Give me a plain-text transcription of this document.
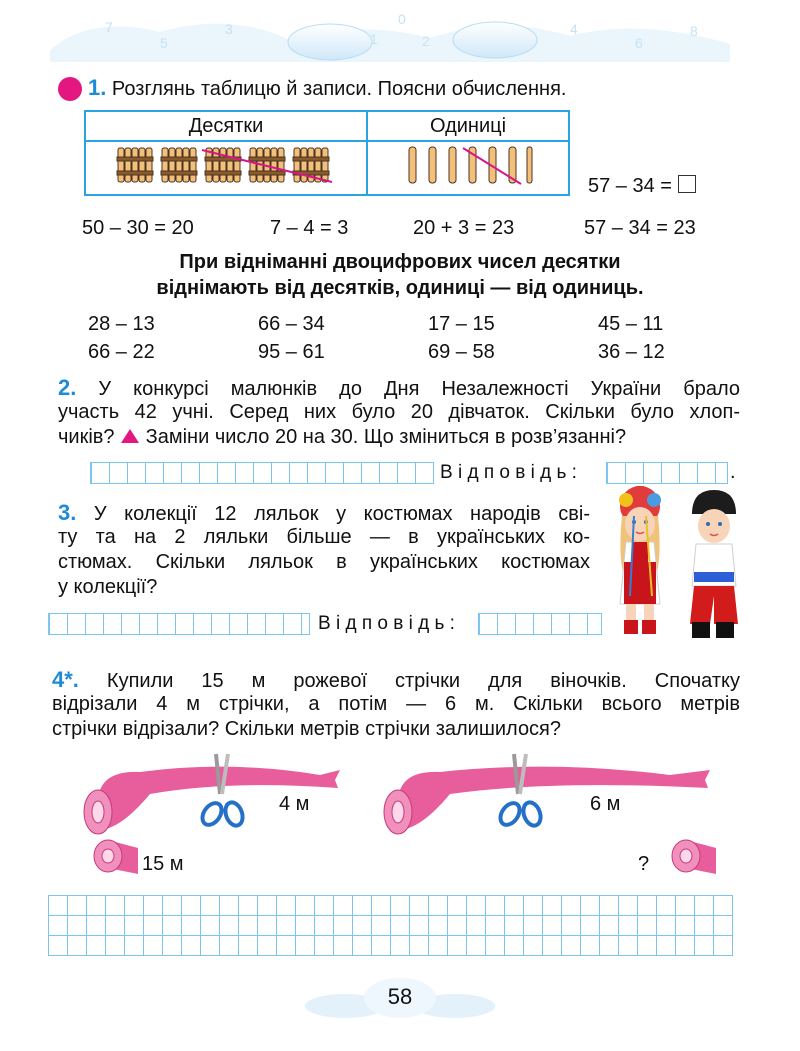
7
5
3
1
0
2
4
6
8
1. Розглянь таблицю й записи. Поясни обчислення.
Десятки	Одиниці

57 – 34 =
50 – 30 = 20	7 – 4 = 3	20 + 3 = 23	57 – 34 = 23
При відніманні двоцифрових чисел десятки
віднімають від десятків, одиниці — від одиниць.
28 – 13	66 – 34	17 – 15	45 – 11
66 – 22	95 – 61	69 – 58	36 – 12
2. У конкурсі малюнків до Дня Незалежності України брало
участь 42 учні. Серед них було 20 дівчаток. Скільки було хлоп-
чиків?  Заміни число 20 на 30. Що зміниться в розв’язанні?
В і д п о в і д ь :	.
3. У колекції 12 ляльок у костюмах народів сві-
ту та на 2 ляльки більше — в українських ко-
стюмах. Скільки ляльок в українських костюмах
у колекції?
В і д п о в і д ь :
4*. Купили 15 м рожевої стрічки для віночків. Спочатку
відрізали 4 м стрічки, а потім — 6 м. Скільки всього метрів
стрічки відрізали? Скільки метрів стрічки залишилося?
4 м	6 м
15 м	?
58
